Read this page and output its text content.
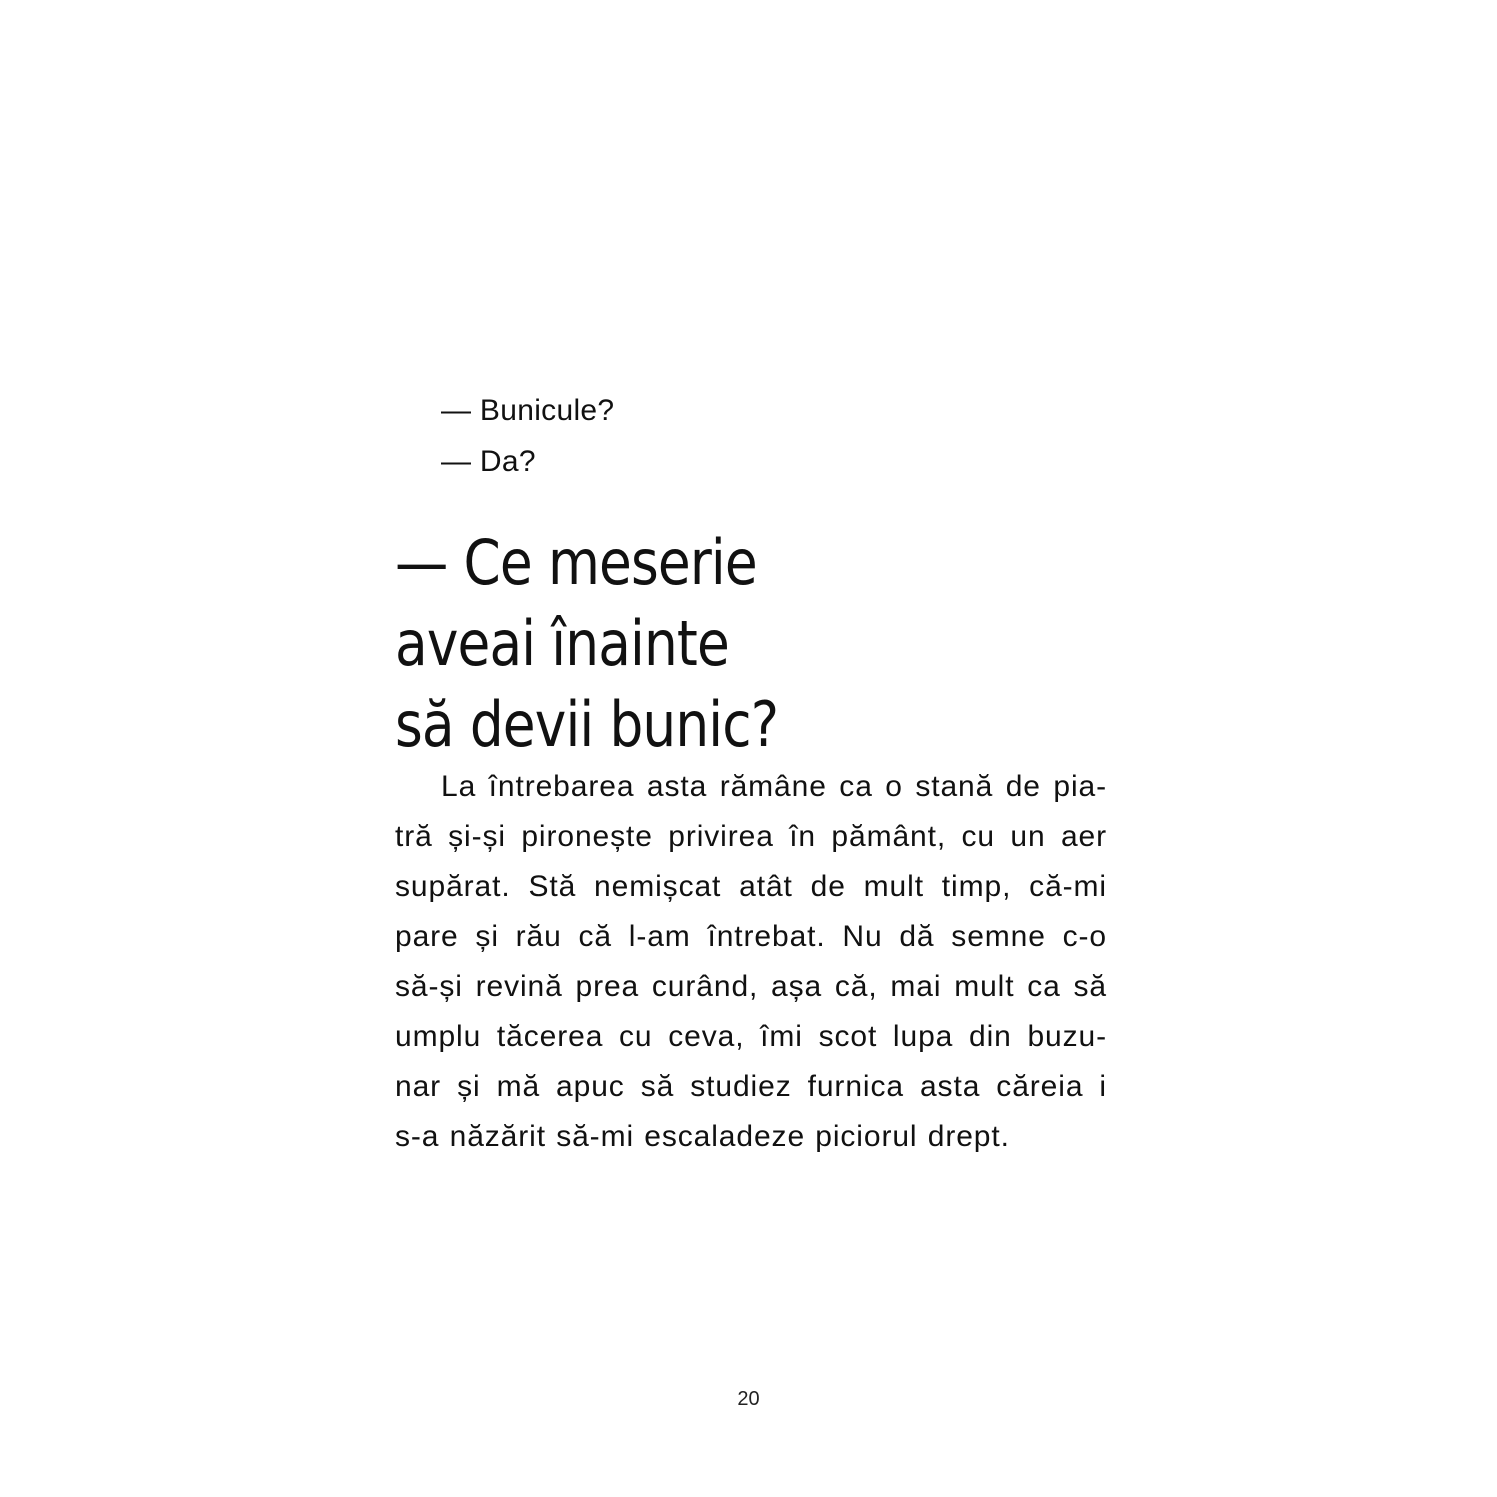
— Bunicule?
— Da?
— Ce meserie
aveai înainte
să devii bunic?
La întrebarea asta rămâne ca o stană de pia-
tră și-și pironește privirea în pământ, cu un aer
supărat. Stă nemișcat atât de mult timp, că-mi
pare și rău că l-am întrebat. Nu dă semne c-o
să-și revină prea curând, așa că, mai mult ca să
umplu tăcerea cu ceva, îmi scot lupa din buzu-
nar și mă apuc să studiez furnica asta căreia i
s-a năzărit să-mi escaladeze piciorul drept.
20
